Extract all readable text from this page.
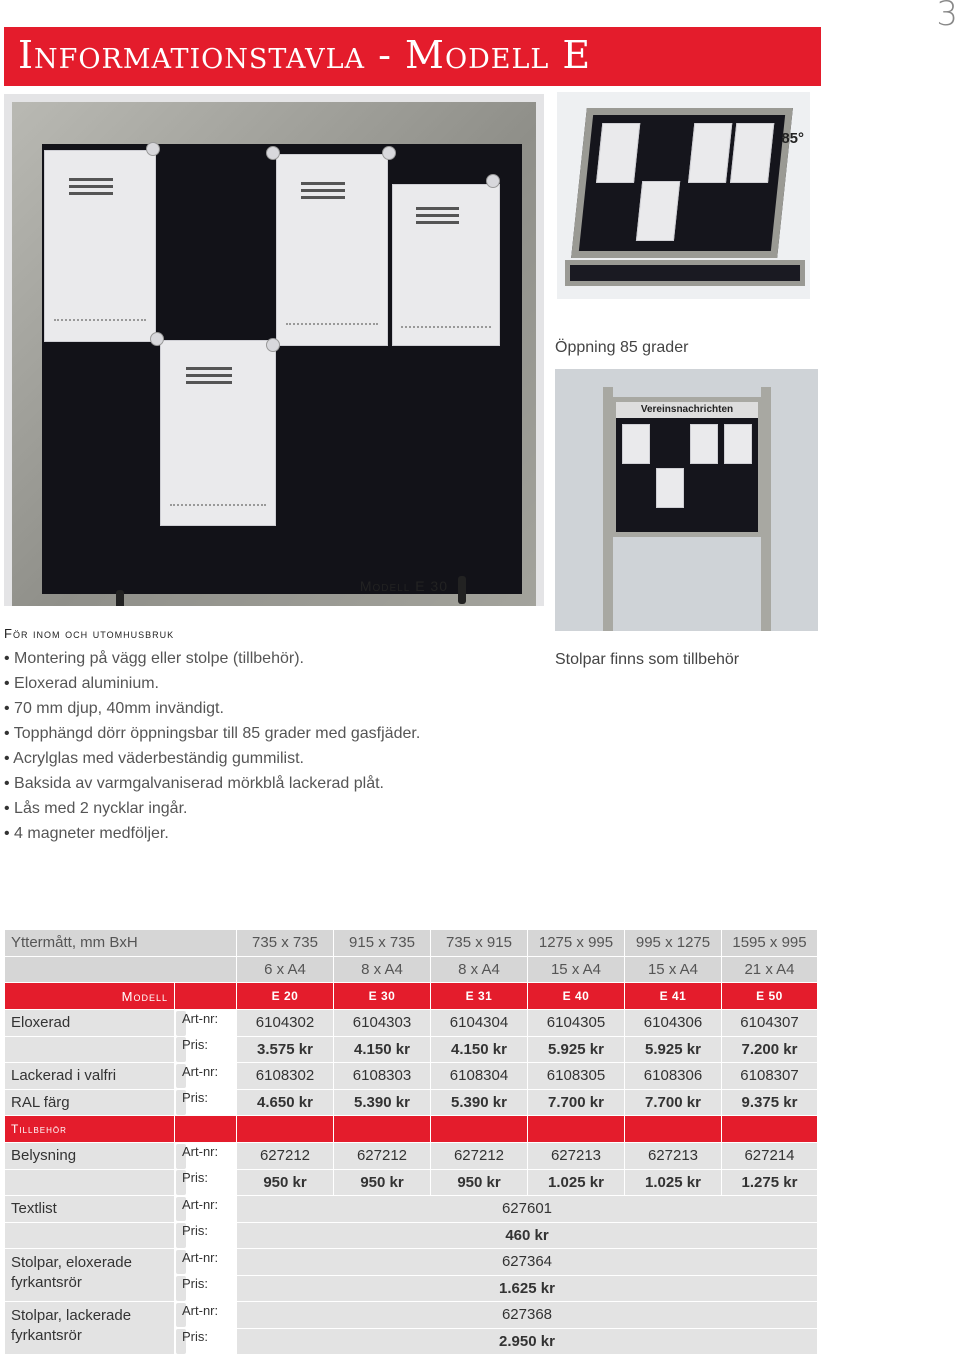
3
Informationstavla - Modell E
Modell E 30
85°
Öppning 85 grader
Vereinsnachrichten
Stolpar finns som tillbehör
För inom och utomhusbruk
• Montering på vägg eller stolpe (tillbehör).
• Eloxerad aluminium.
• 70 mm djup, 40mm invändigt.
• Topphängd dörr öppningsbar till 85 grader med gasfjäder.
• Acrylglas med väderbeständig gummilist.
• Baksida av varmgalvaniserad mörkblå lackerad plåt.
• Lås med 2 nycklar ingår.
• 4 magneter medföljer.
Yttermått, mm BxH		735 x 735	915 x 735	735 x 915	1275 x 995	995 x 1275	1595 x 995
		6 x A4	8 x A4	8 x A4	15 x A4	15 x A4	21 x A4
Modell		E 20	E 30	E 31	E 40	E 41	E 50
Eloxerad		Art-nr:	6104302	6104303	6104304	6104305	6104306	6104307

Pris:	3.575 kr	4.150 kr	4.150 kr	5.925 kr	5.925 kr	7.200 kr
Lackerad i valfri		Art-nr:	6108302	6108303	6108304	6108305	6108306	6108307
RAL färg		Pris:	4.650 kr	5.390 kr	5.390 kr	7.700 kr	7.700 kr	9.375 kr
Tillbehör							
Belysning		Art-nr:	627212	627212	627212	627213	627213	627214

Pris:	950 kr	950 kr	950 kr	1.025 kr	1.025 kr	1.275 kr
Textlist		Art-nr:	627601					

Pris:	460 kr					
Stolpar, eloxerade fyrkantsrör	
Art-nr:	627364					

Pris:	1.625 kr					
Stolpar, lackerade fyrkantsrör	
Art-nr:	627368					

Pris:	2.950 kr					
